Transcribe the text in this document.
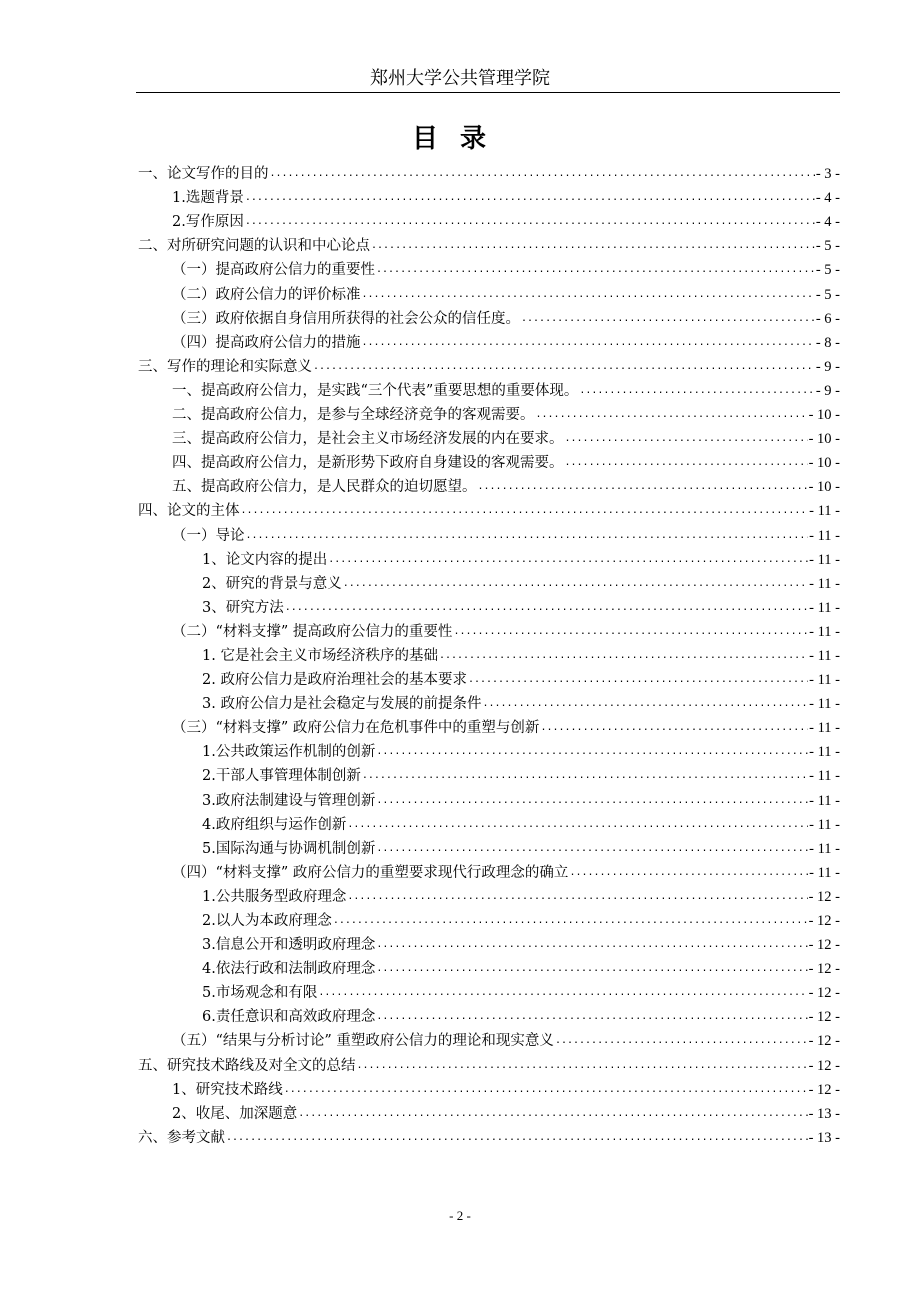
郑州大学公共管理学院
目录
一、论文写作的目的 .....	- 3 -
1.选题背景 .....	- 4 -
2.写作原因 .....	- 4 -
二、对所研究问题的认识和中心论点 .....	- 5 -
（一）提高政府公信力的重要性 .....	- 5 -
（二）政府公信力的评价标准 .....	- 5 -
（三）政府依据自身信用所获得的社会公众的信任度。 .....	- 6 -
（四）提高政府公信力的措施 .....	- 8 -
三、写作的理论和实际意义 .....	- 9 -
一、提高政府公信力，是实践“三个代表”重要思想的重要体现。 .....	- 9 -
二、提高政府公信力，是参与全球经济竞争的客观需要。 .....	- 10 -
三、提高政府公信力，是社会主义市场经济发展的内在要求。 .....	- 10 -
四、提高政府公信力，是新形势下政府自身建设的客观需要。 .....	- 10 -
五、提高政府公信力，是人民群众的迫切愿望。 .....	- 10 -
四、论文的主体 .....	- 11 -
（一）导论 .....	- 11 -
1、论文内容的提出 .....	- 11 -
2、研究的背景与意义 .....	- 11 -
3、研究方法 .....	- 11 -
（二）“材料支撑” 提高政府公信力的重要性 .....	- 11 -
1. 它是社会主义市场经济秩序的基础 .....	- 11 -
2. 政府公信力是政府治理社会的基本要求 .....	- 11 -
3. 政府公信力是社会稳定与发展的前提条件 .....	- 11 -
（三）“材料支撑” 政府公信力在危机事件中的重塑与创新 .....	- 11 -
1.公共政策运作机制的创新 .....	- 11 -
2.干部人事管理体制创新 .....	- 11 -
3.政府法制建设与管理创新 .....	- 11 -
4.政府组织与运作创新 .....	- 11 -
5.国际沟通与协调机制创新 .....	- 11 -
（四）“材料支撑” 政府公信力的重塑要求现代行政理念的确立 .....	- 11 -
1.公共服务型政府理念 .....	- 12 -
2.以人为本政府理念 .....	- 12 -
3.信息公开和透明政府理念 .....	- 12 -
4.依法行政和法制政府理念 .....	- 12 -
5.市场观念和有限 .....	- 12 -
6.责任意识和高效政府理念 .....	- 12 -
（五）“结果与分析讨论” 重塑政府公信力的理论和现实意义 .....	- 12 -
五、研究技术路线及对全文的总结 .....	- 12 -
1、研究技术路线 .....	- 12 -
2、收尾、加深题意 .....	- 13 -
六、参考文献 .....	- 13 -
- 2 -
